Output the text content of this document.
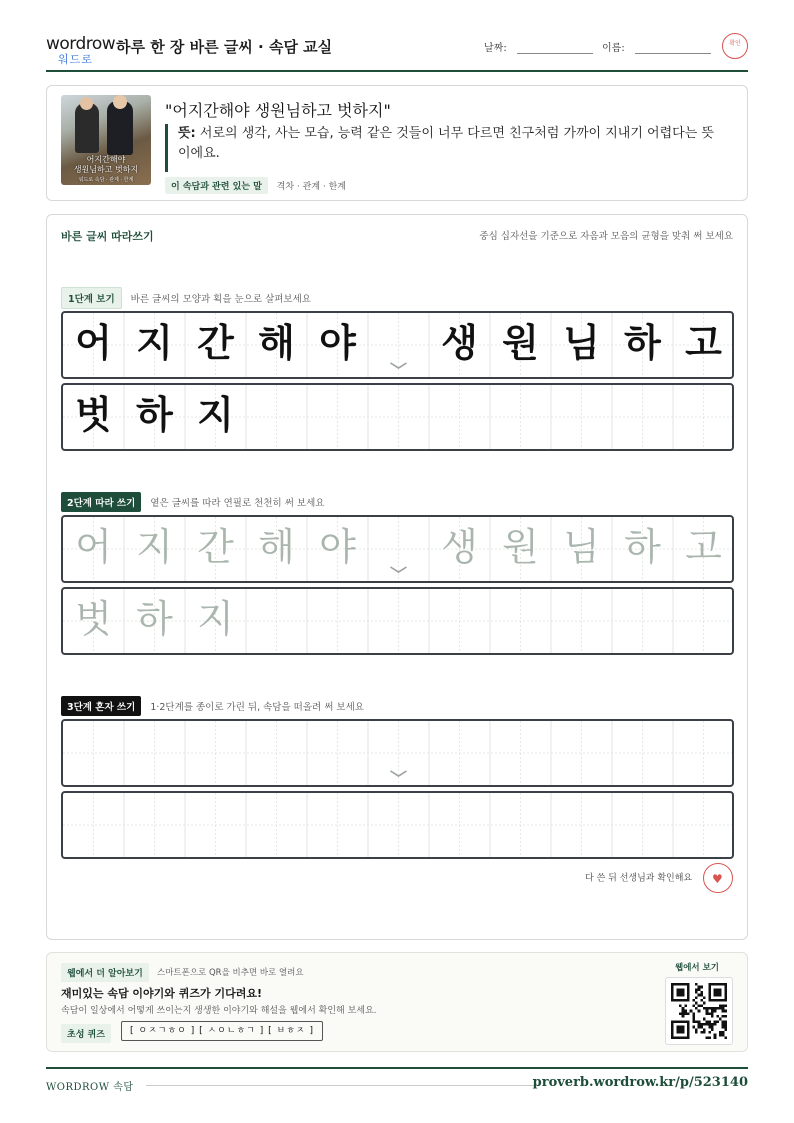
wordrow
워드로
하루 한 장 바른 글씨 · 속담 교실	날짜:	이름:	확인
어지간해야
생원님하고 벗하지
워드로 속담 · 관계 · 한계
"어지간해야 생원님하고 벗하지"
뜻: 서로의 생각, 사는 모습, 능력 같은 것들이 너무 다르면 친구처럼 가까이 지내기 어렵다는 뜻이에요.
이 속담과 관련 있는 말 격차 · 관계 · 한계
바른 글씨 따라쓰기	중심 십자선을 기준으로 자음과 모음의 균형을 맞춰 써 보세요
1단계 보기 바른 글씨의 모양과 획을 눈으로 살펴보세요
어 지 간 해 야	생 원 님 하 고
벗 하 지
2단계 따라 쓰기 옅은 글씨를 따라 연필로 천천히 써 보세요
어 지 간 해 야	생 원 님 하 고
벗 하 지
3단계 혼자 쓰기 1·2단계를 종이로 가린 뒤, 속담을 떠올려 써 보세요
다 쓴 뒤 선생님과 확인해요 ♥
웹에서 더 알아보기	스마트폰으로 QR을 비추면 바로 열려요
재미있는 속담 이야기와 퀴즈가 기다려요!
속담이 일상에서 어떻게 쓰이는지 생생한 이야기와 해설을 웹에서 확인해 보세요.
초성 퀴즈	[ ㅇㅈㄱㅎㅇ ] [ ㅅㅇㄴㅎㄱ ] [ ㅂㅎㅈ ]
웹에서 보기
WORDROW 속담	proverb.wordrow.kr/p/523140
